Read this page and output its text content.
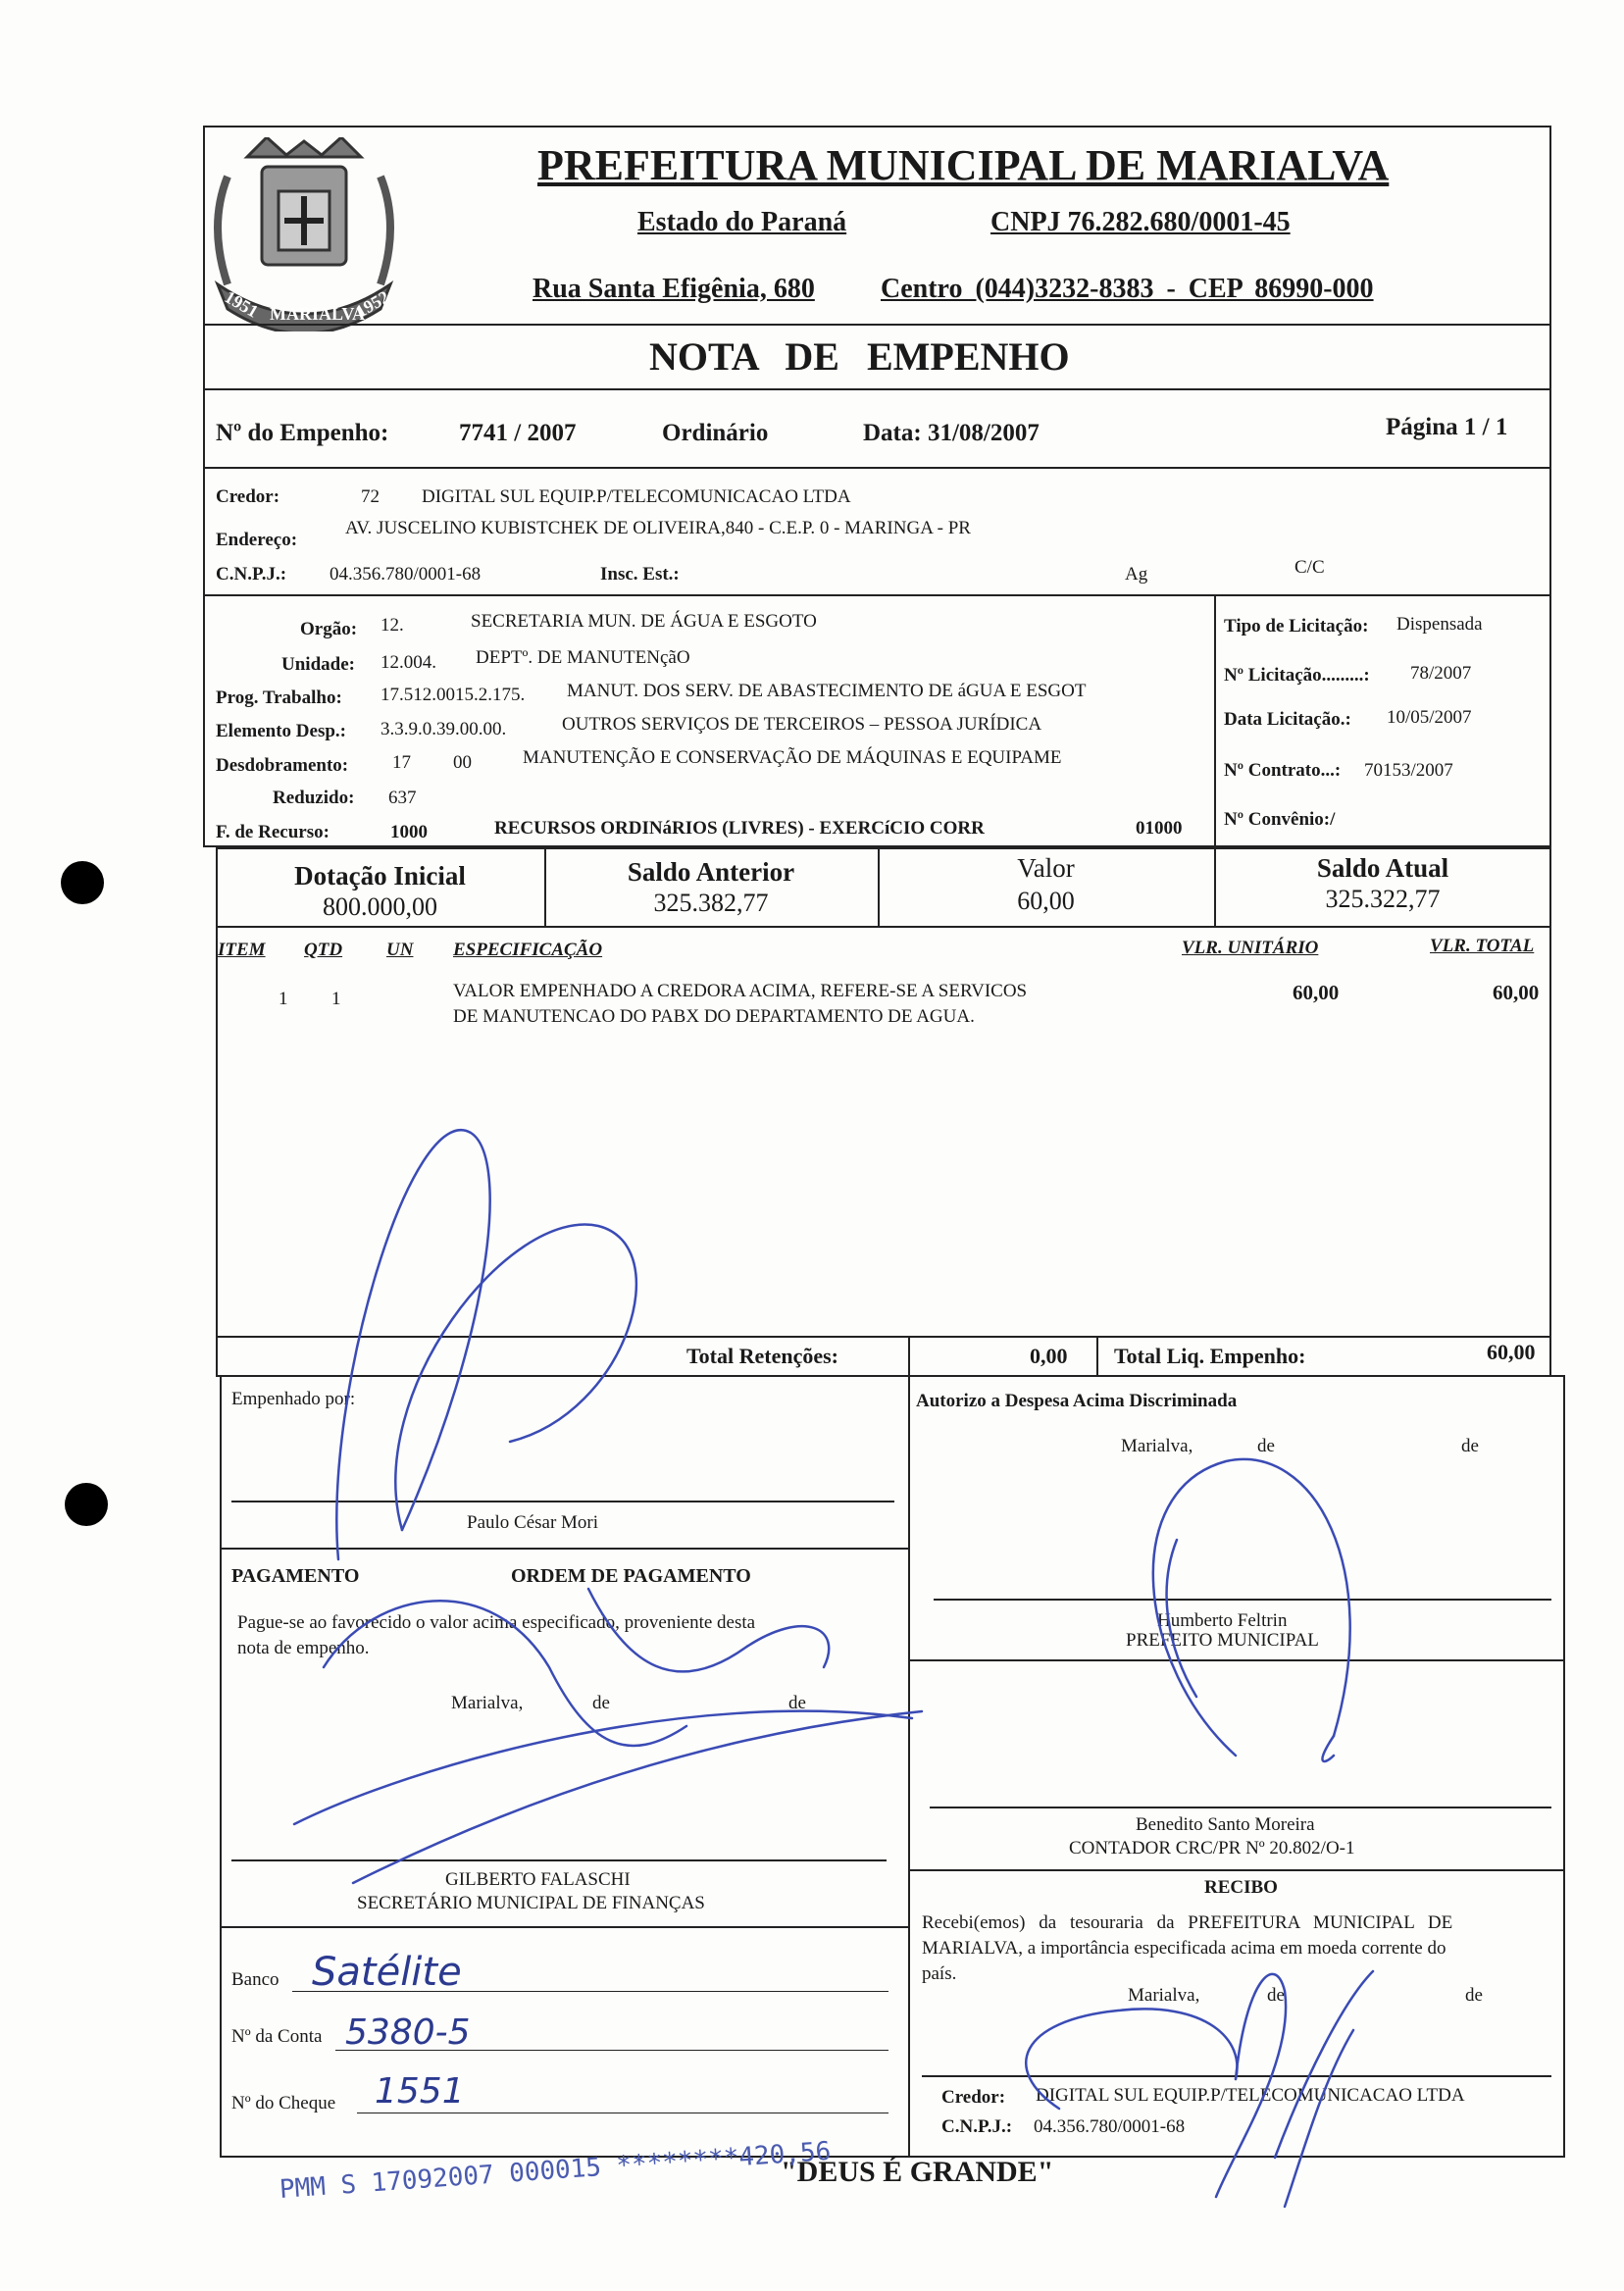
1951 MARIALVA
1952
PREFEITURA MUNICIPAL DE MARIALVA
Estado do Paraná	CNPJ 76.282.680/0001-45
Rua Santa Efigênia, 680 Centro (044)3232-8383 - CEP 86990-000
NOTA DE EMPENHO
Nº do Empenho:	7741 / 2007	Ordinário	Data: 31/08/2007	Página 1 / 1
Credor:	72 DIGITAL SUL EQUIP.P/TELECOMUNICACAO LTDA
Endereço:
AV. JUSCELINO KUBISTCHEK DE OLIVEIRA,840 - C.E.P. 0 - MARINGA - PR
C.N.P.J.: 04.356.780/0001-68	Insc. Est.:	Ag	C/C
Orgão: 12.	SECRETARIA MUN. DE ÁGUA E ESGOTO
Unidade: 12.004. DEPTº. DE MANUTENçãO
Prog. Trabalho: 17.512.0015.2.175. MANUT. DOS SERV. DE ABASTECIMENTO DE áGUA E ESGOT
Elemento Desp.: 3.3.9.0.39.00.00.	OUTROS SERVIÇOS DE TERCEIROS – PESSOA JURÍDICA
Desdobramento: 17 00	MANUTENÇÃO E CONSERVAÇÃO DE MÁQUINAS E EQUIPAME
Reduzido: 637
F. de Recurso:	1000	RECURSOS ORDINáRIOS (LIVRES) - EXERCíCIO CORR	01000
Tipo de Licitação: Dispensada
Nº Licitação.........: 78/2007
Data Licitação.: 10/05/2007
Nº Contrato...: 70153/2007
Nº Convênio:/
Dotação Inicial
800.000,00
Saldo Anterior
325.382,77
Valor
60,00
Saldo Atual
325.322,77
ITEM QTD UN ESPECIFICAÇÃO	VLR. UNITÁRIO	VLR. TOTAL
1 1	VALOR EMPENHADO A CREDORA ACIMA, REFERE-SE A SERVICOS
DE MANUTENCAO DO PABX DO DEPARTAMENTO DE AGUA.
60,00	60,00
Total Retenções:	0,00 Total Liq. Empenho:	60,00
Empenhado por:
Paulo César Mori
PAGAMENTO	ORDEM DE PAGAMENTO
Pague-se ao favorecido o valor acima especificado, proveniente desta
nota de empenho.
Marialva,	de	de
GILBERTO FALASCHI
SECRETÁRIO MUNICIPAL DE FINANÇAS
Banco Satélite
Nº da Conta 5380-5
Nº do Cheque 1551
Autorizo a Despesa Acima Discriminada
Marialva,	de	de
Humberto Feltrin
PREFEITO MUNICIPAL
Benedito Santo Moreira
CONTADOR CRC/PR Nº 20.802/O-1
RECIBO
Recebi(emos) da tesouraria da PREFEITURA MUNICIPAL DE
MARIALVA, a importância especificada acima em moeda corrente do
país.
Marialva,	de	de
Credor: DIGITAL SUL EQUIP.P/TELECOMUNICACAO LTDA
C.N.P.J.: 04.356.780/0001-68
"DEUS É GRANDE"
PMM S 17092007 000015 ********420,56
